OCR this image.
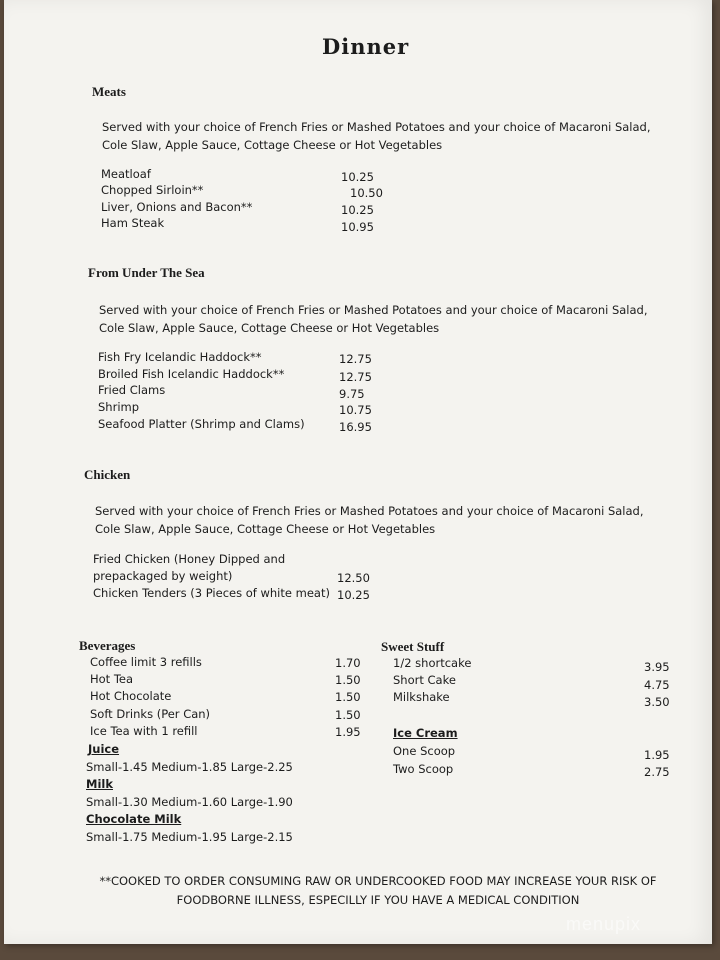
Dinner
Meats
Served with your choice of French Fries or Mashed Potatoes and your choice of Macaroni Salad,
Cole Slaw, Apple Sauce, Cottage Cheese or Hot Vegetables
Meatloaf	10.25
Chopped Sirloin**	10.50
Liver, Onions and Bacon**	10.25
Ham Steak	10.95
From Under The Sea
Served with your choice of French Fries or Mashed Potatoes and your choice of Macaroni Salad,
Cole Slaw, Apple Sauce, Cottage Cheese or Hot Vegetables
Fish Fry Icelandic Haddock**	12.75
Broiled Fish Icelandic Haddock**	12.75
Fried Clams	9.75
Shrimp	10.75
Seafood Platter (Shrimp and Clams)	16.95
Chicken
Served with your choice of French Fries or Mashed Potatoes and your choice of Macaroni Salad,
Cole Slaw, Apple Sauce, Cottage Cheese or Hot Vegetables
Fried Chicken (Honey Dipped and
prepackaged by weight)	12.50
Chicken Tenders (3 Pieces of white meat) 10.25
Beverages
Coffee limit 3 refills	1.70
Hot Tea	1.50
Hot Chocolate	1.50
Soft Drinks (Per Can)	1.50
Ice Tea with 1 refill	1.95
Juice
Small-1.45 Medium-1.85 Large-2.25
Milk
Small-1.30 Medium-1.60 Large-1.90
Chocolate Milk
Small-1.75 Medium-1.95 Large-2.15
Sweet Stuff
1/2 shortcake	3.95
Short Cake	4.75
Milkshake	3.50
Ice Cream
One Scoop	1.95
Two Scoop	2.75
**COOKED TO ORDER CONSUMING RAW OR UNDERCOOKED FOOD MAY INCREASE YOUR RISK OF
FOODBORNE ILLNESS, ESPECILLY IF YOU HAVE A MEDICAL CONDITION
menupix
